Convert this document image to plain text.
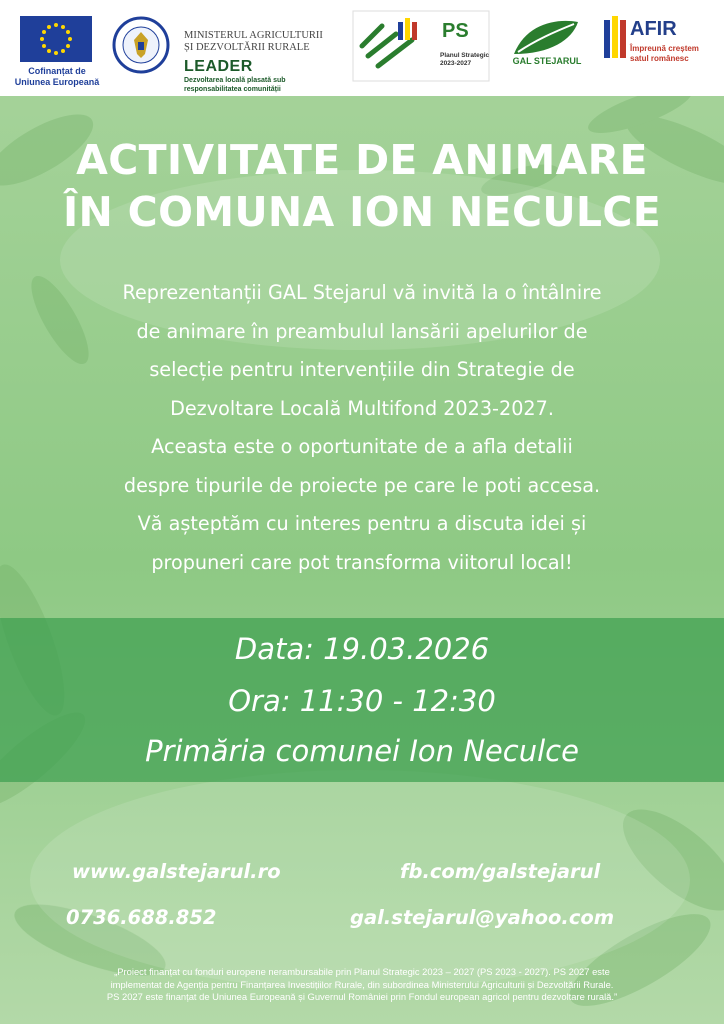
Cofinanțat de
Uniunea Europeană
MINISTERUL AGRICULTURII
ȘI DEZVOLTĂRII RURALE
LEADER
Dezvoltarea locală plasată sub
responsabilitatea comunității
PS
Planul Strategic
2023-2027	GAL STEJARUL
AFIR
Împreună creștem
satul românesc
ACTIVITATE DE ANIMARE
ÎN COMUNA ION NECULCE
Reprezentanții GAL Stejarul vă invită la o întâlnire
de animare în preambulul lansării apelurilor de
selecție pentru intervențiile din Strategie de
Dezvoltare Locală Multifond 2023-2027.
Aceasta este o oportunitate de a afla detalii
despre tipurile de proiecte pe care le poti accesa.
Vă așteptăm cu interes pentru a discuta idei și
propuneri care pot transforma viitorul local!
Data: 19.03.2026
Ora: 11:30 - 12:30
Primăria comunei Ion Neculce
www.galstejarul.ro	fb.com/galstejarul
0736.688.852	gal.stejarul@yahoo.com
„Proiect finanțat cu fonduri europene nerambursabile prin Planul Strategic 2023 – 2027 (PS 2023 - 2027). PS 2027 este
implementat de Agenția pentru Finanțarea Investițiilor Rurale, din subordinea Ministerului Agriculturii și Dezvoltării Rurale.
PS 2027 este finanțat de Uniunea Europeană și Guvernul României prin Fondul european agricol pentru dezvoltare rurală.”
